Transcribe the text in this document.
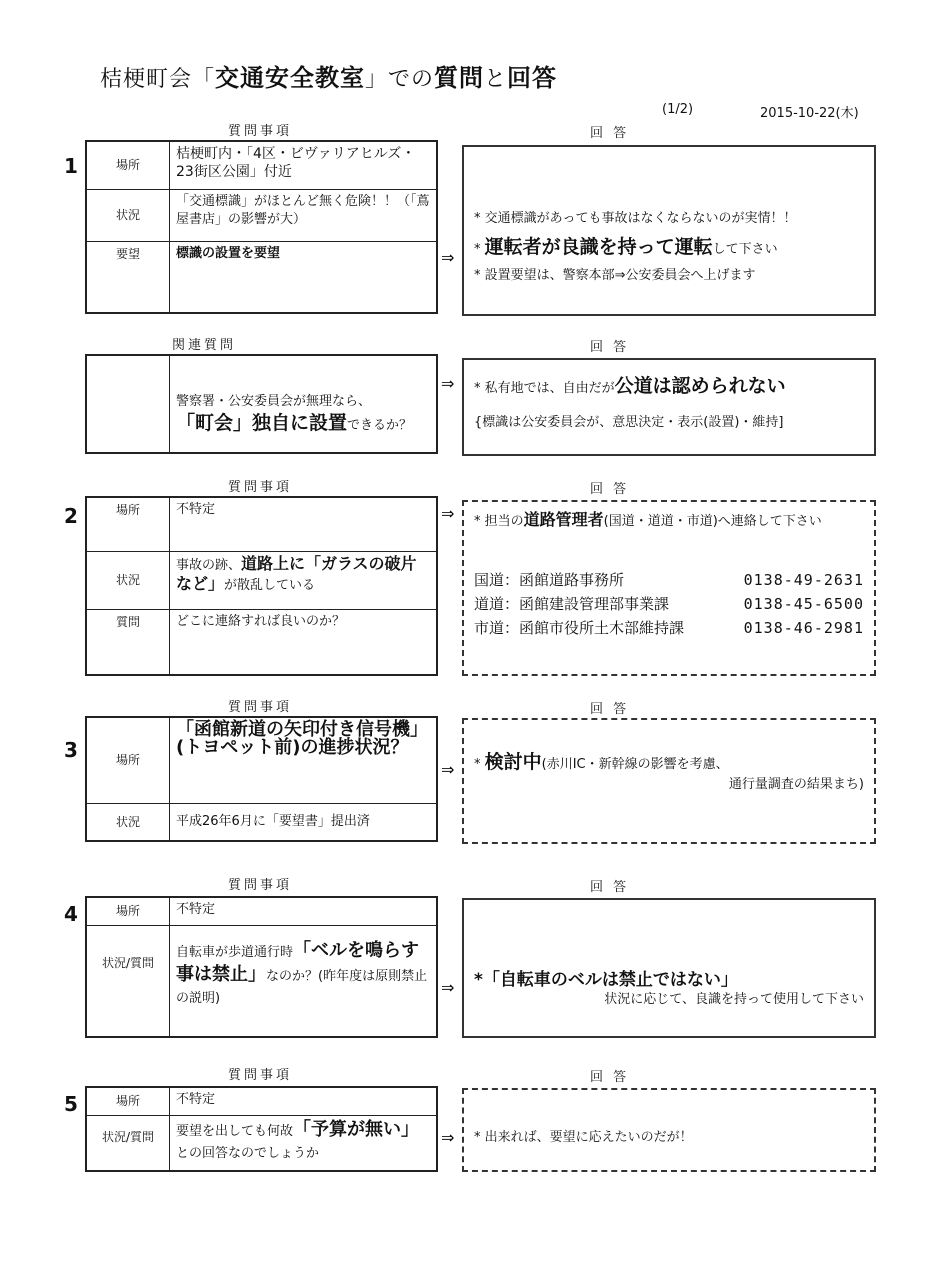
桔梗町会「交通安全教室」での質問と回答
(1/2)	2015-10-22(木)
質問事項	回 答
1	場所	桔梗町内・「4区・ビヴァリアヒルズ・23街区公園」付近
状況	「交通標識」がほとんど無く危険！！（「蔦屋書店」の影響が大）
要望	標識の設置を要望	⇒
* 交通標識があっても事故はなくならないのが実情！！
* 運転者が良識を持って運転して下さい
* 設置要望は、警察本部⇒公安委員会へ上げます
関連質問	回 答

警察署・公安委員会が無理なら、
「町会」独自に設置できるか？
⇒ * 私有地では、自由だが公道は認められない
{標識は公安委員会が、意思決定・表示(設置)・維持]
質問事項	回 答
2	場所	不特定
状況	事故の跡、道路上に「ガラスの破片など」が散乱している
質問	どこに連絡すれば良いのか？
⇒ * 担当の道路管理者(国道・道道・市道)へ連絡して下さい
国道：函館道路事務所	0138-49-2631
道道：函館建設管理部事業課	0138-45-6500
市道：函館市役所土木部維持課	0138-46-2981
質問事項	回 答
3	場所	「函館新道の矢印付き信号機」(トヨペット前)の進捗状況？
状況	平成26年6月に「要望書」提出済
⇒ * 検討中(赤川IC・新幹線の影響を考慮、
通行量調査の結果まち)
質問事項	回 答
4	場所	不特定
状況/質問	自転車が歩道通行時「ベルを鳴らす事は禁止」なのか？(昨年度は原則禁止の説明)
⇒ *「自転車のベルは禁止ではない」
状況に応じて、良識を持って使用して下さい
質問事項	回 答
5	場所	不特定
状況/質問	要望を出しても何故「予算が無い」との回答なのでしょうか
⇒ * 出来れば、要望に応えたいのだが！
